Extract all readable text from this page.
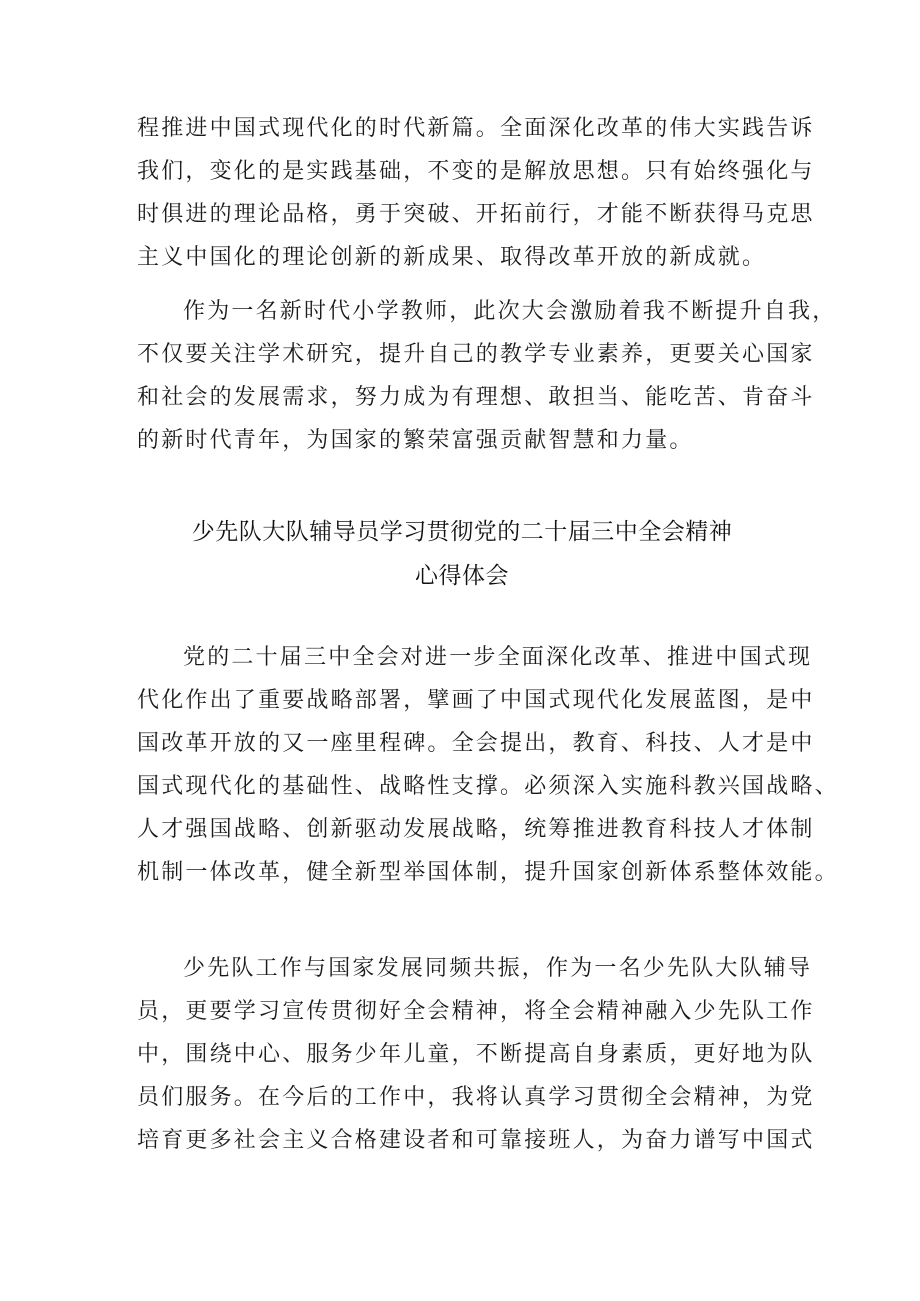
程推进中国式现代化的时代新篇。全面深化改革的伟大实践告诉
我们，变化的是实践基础，不变的是解放思想。只有始终强化与
时俱进的理论品格，勇于突破、开拓前行，才能不断获得马克思
主义中国化的理论创新的新成果、取得改革开放的新成就。
作为一名新时代小学教师，此次大会激励着我不断提升自我，
不仅要关注学术研究，提升自己的教学专业素养，更要关心国家
和社会的发展需求，努力成为有理想、敢担当、能吃苦、肯奋斗
的新时代青年，为国家的繁荣富强贡献智慧和力量。
少先队大队辅导员学习贯彻党的二十届三中全会精神
心得体会
党的二十届三中全会对进一步全面深化改革、推进中国式现
代化作出了重要战略部署，擘画了中国式现代化发展蓝图，是中
国改革开放的又一座里程碑。全会提出，教育、科技、人才是中
国式现代化的基础性、战略性支撑。必须深入实施科教兴国战略、
人才强国战略、创新驱动发展战略，统筹推进教育科技人才体制
机制一体改革，健全新型举国体制，提升国家创新体系整体效能。
少先队工作与国家发展同频共振，作为一名少先队大队辅导
员，更要学习宣传贯彻好全会精神，将全会精神融入少先队工作
中，围绕中心、服务少年儿童，不断提高自身素质，更好地为队
员们服务。在今后的工作中，我将认真学习贯彻全会精神，为党
培育更多社会主义合格建设者和可靠接班人，为奋力谱写中国式
